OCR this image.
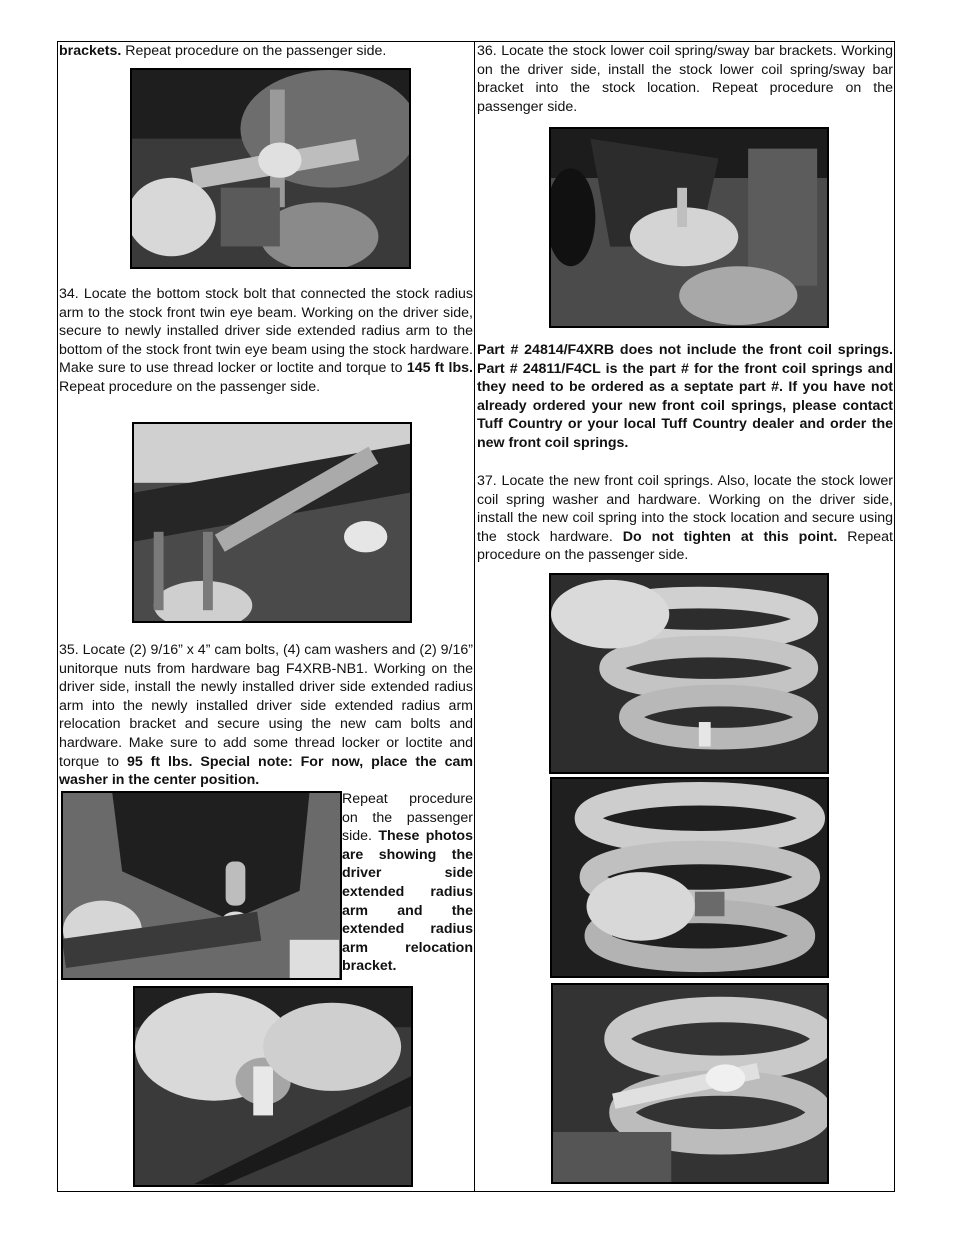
brackets. Repeat procedure on the passenger side.

34. Locate the bottom stock bolt that connected the stock radius arm to the stock front twin eye beam. Working on the driver side, secure to newly installed driver side extended radius arm to the bottom of the stock front twin eye beam using the stock hardware. Make sure to use thread locker or loctite and torque to 145 ft lbs. Repeat procedure on the passenger side.

35. Locate (2) 9/16” x 4” cam bolts, (4) cam washers and (2) 9/16” unitorque nuts from hardware bag F4XRB-NB1. Working on the driver side, install the newly installed driver side extended radius arm into the newly installed driver side extended radius arm relocation bracket and secure using the new cam bolts and hardware. Make sure to add some thread locker or loctite and torque to 95 ft lbs. Special note: For now, place the cam washer in the center position.

Repeat procedure on the passenger side. These photos are showing the driver side extended radius arm and the extended radius arm relocation bracket.

36. Locate the stock lower coil spring/sway bar brackets. Working on the driver side, install the stock lower coil spring/sway bar bracket into the stock location. Repeat procedure on the passenger side.

Part # 24814/F4XRB does not include the front coil springs. Part # 24811/F4CL is the part # for the front coil springs and they need to be ordered as a septate part #. If you have not already ordered your new front coil springs, please contact Tuff Country or your local Tuff Country dealer and order the new front coil springs.

37. Locate the new front coil springs. Also, locate the stock lower coil spring washer and hardware. Working on the driver side, install the new coil spring into the stock location and secure using the stock hardware. Do not tighten at this point. Repeat procedure on the passenger side.
